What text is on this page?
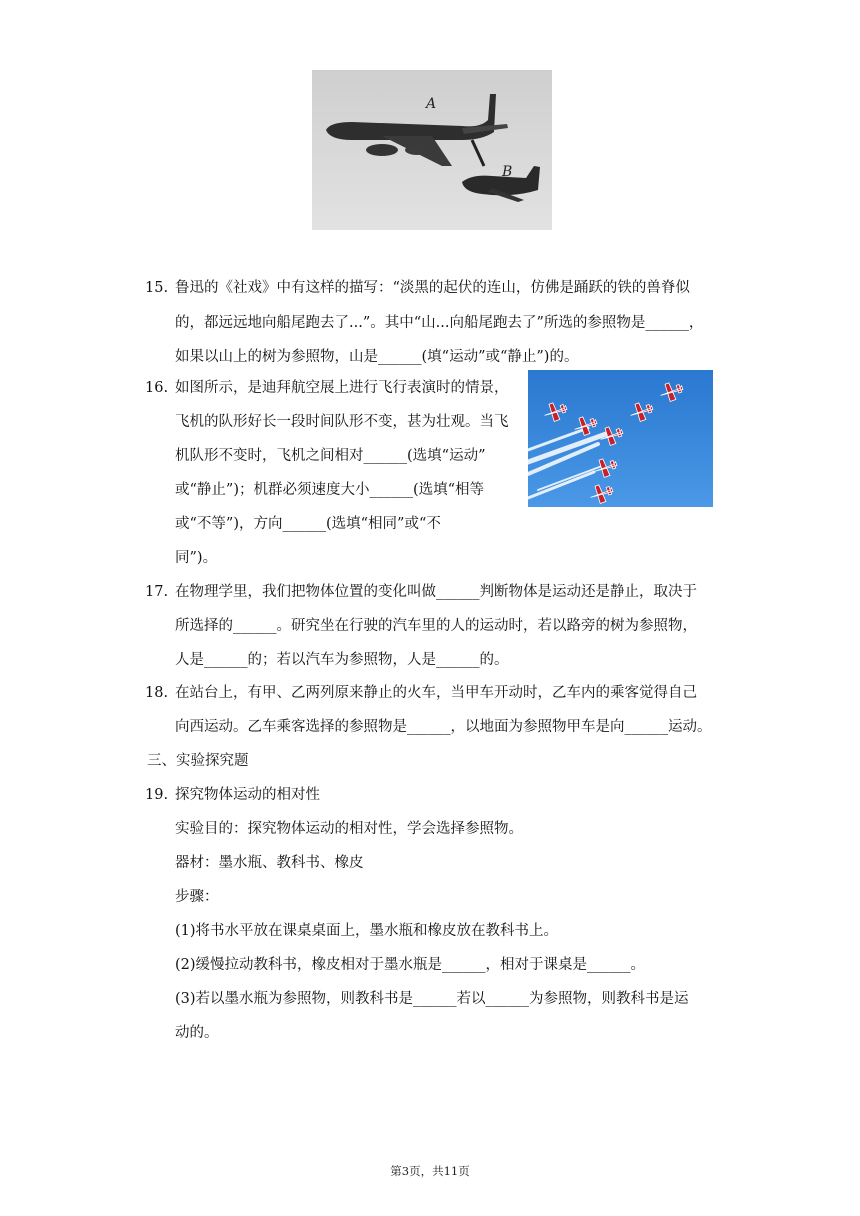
A
B
15. 鲁迅的《社戏》中有这样的描写：“淡黑的起伏的连山，仿佛是踊跃的铁的兽脊似
的，都远远地向船尾跑去了...”。其中“山...向船尾跑去了”所选的参照物是______，
如果以山上的树为参照物，山是______(填“运动”或“静止”)的。
16. 如图所示，是迪拜航空展上进行飞行表演时的情景，
飞机的队形好长一段时间队形不变，甚为壮观。当飞
机队形不变时，飞机之间相对______(选填“运动”
或“静止”)；机群必须速度大小______(选填“相等
或“不等”)，方向______(选填“相同”或“不
同”)。
17. 在物理学里，我们把物体位置的变化叫做______判断物体是运动还是静止，取决于
所选择的______。研究坐在行驶的汽车里的人的运动时，若以路旁的树为参照物，
人是______的；若以汽车为参照物，人是______的。
18. 在站台上，有甲、乙两列原来静止的火车，当甲车开动时，乙车内的乘客觉得自己
向西运动。乙车乘客选择的参照物是______，以地面为参照物甲车是向______运动。
三、实验探究题
19. 探究物体运动的相对性
实验目的：探究物体运动的相对性，学会选择参照物。
器材：墨水瓶、教科书、橡皮
步骤：
(1)将书水平放在课桌桌面上，墨水瓶和橡皮放在教科书上。
(2)缓慢拉动教科书，橡皮相对于墨水瓶是______，相对于课桌是______。
(3)若以墨水瓶为参照物，则教科书是______若以______为参照物，则教科书是运
动的。
第3页，共11页
